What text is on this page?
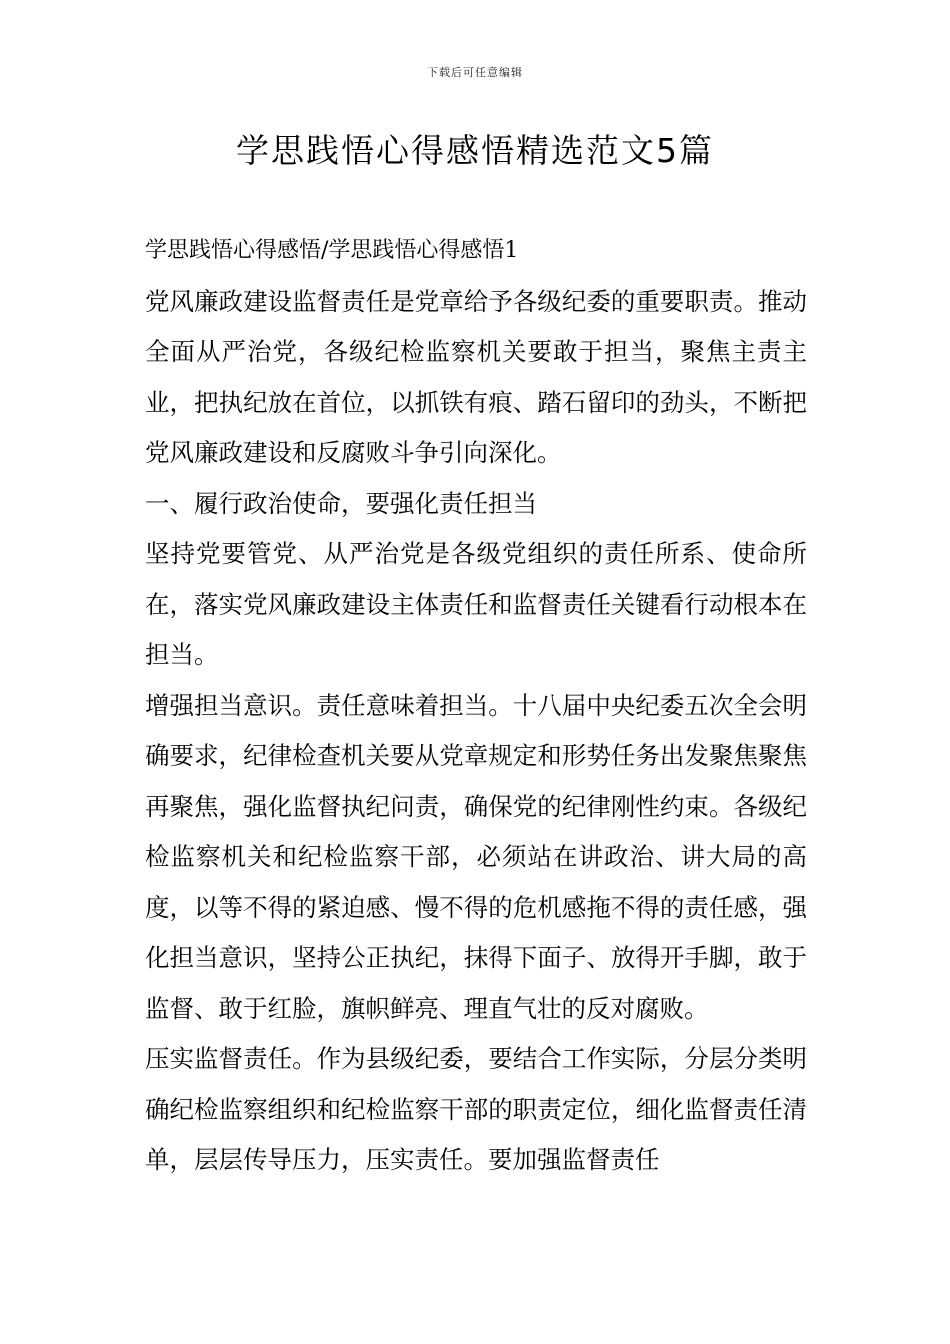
下载后可任意编辑
学思践悟心得感悟精选范文5篇

学思践悟心得感悟/学思践悟心得感悟1

党风廉政建设监督责任是党章给予各级纪委的重要职责。推动全面从严治党，各级纪检监察机关要敢于担当，聚焦主责主业，把执纪放在首位，以抓铁有痕、踏石留印的劲头，不断把党风廉政建设和反腐败斗争引向深化。

一、履行政治使命，要强化责任担当

坚持党要管党、从严治党是各级党组织的责任所系、使命所在，落实党风廉政建设主体责任和监督责任关键看行动根本在担当。

增强担当意识。责任意味着担当。十八届中央纪委五次全会明确要求，纪律检查机关要从党章规定和形势任务出发聚焦聚焦再聚焦，强化监督执纪问责，确保党的纪律刚性约束。各级纪检监察机关和纪检监察干部，必须站在讲政治、讲大局的高度，以等不得的紧迫感、慢不得的危机感拖不得的责任感，强化担当意识，坚持公正执纪，抹得下面子、放得开手脚，敢于监督、敢于红脸，旗帜鲜亮、理直气壮的反对腐败。

压实监督责任。作为县级纪委，要结合工作实际，分层分类明确纪检监察组织和纪检监察干部的职责定位，细化监督责任清单，层层传导压力，压实责任。要加强监督责任
